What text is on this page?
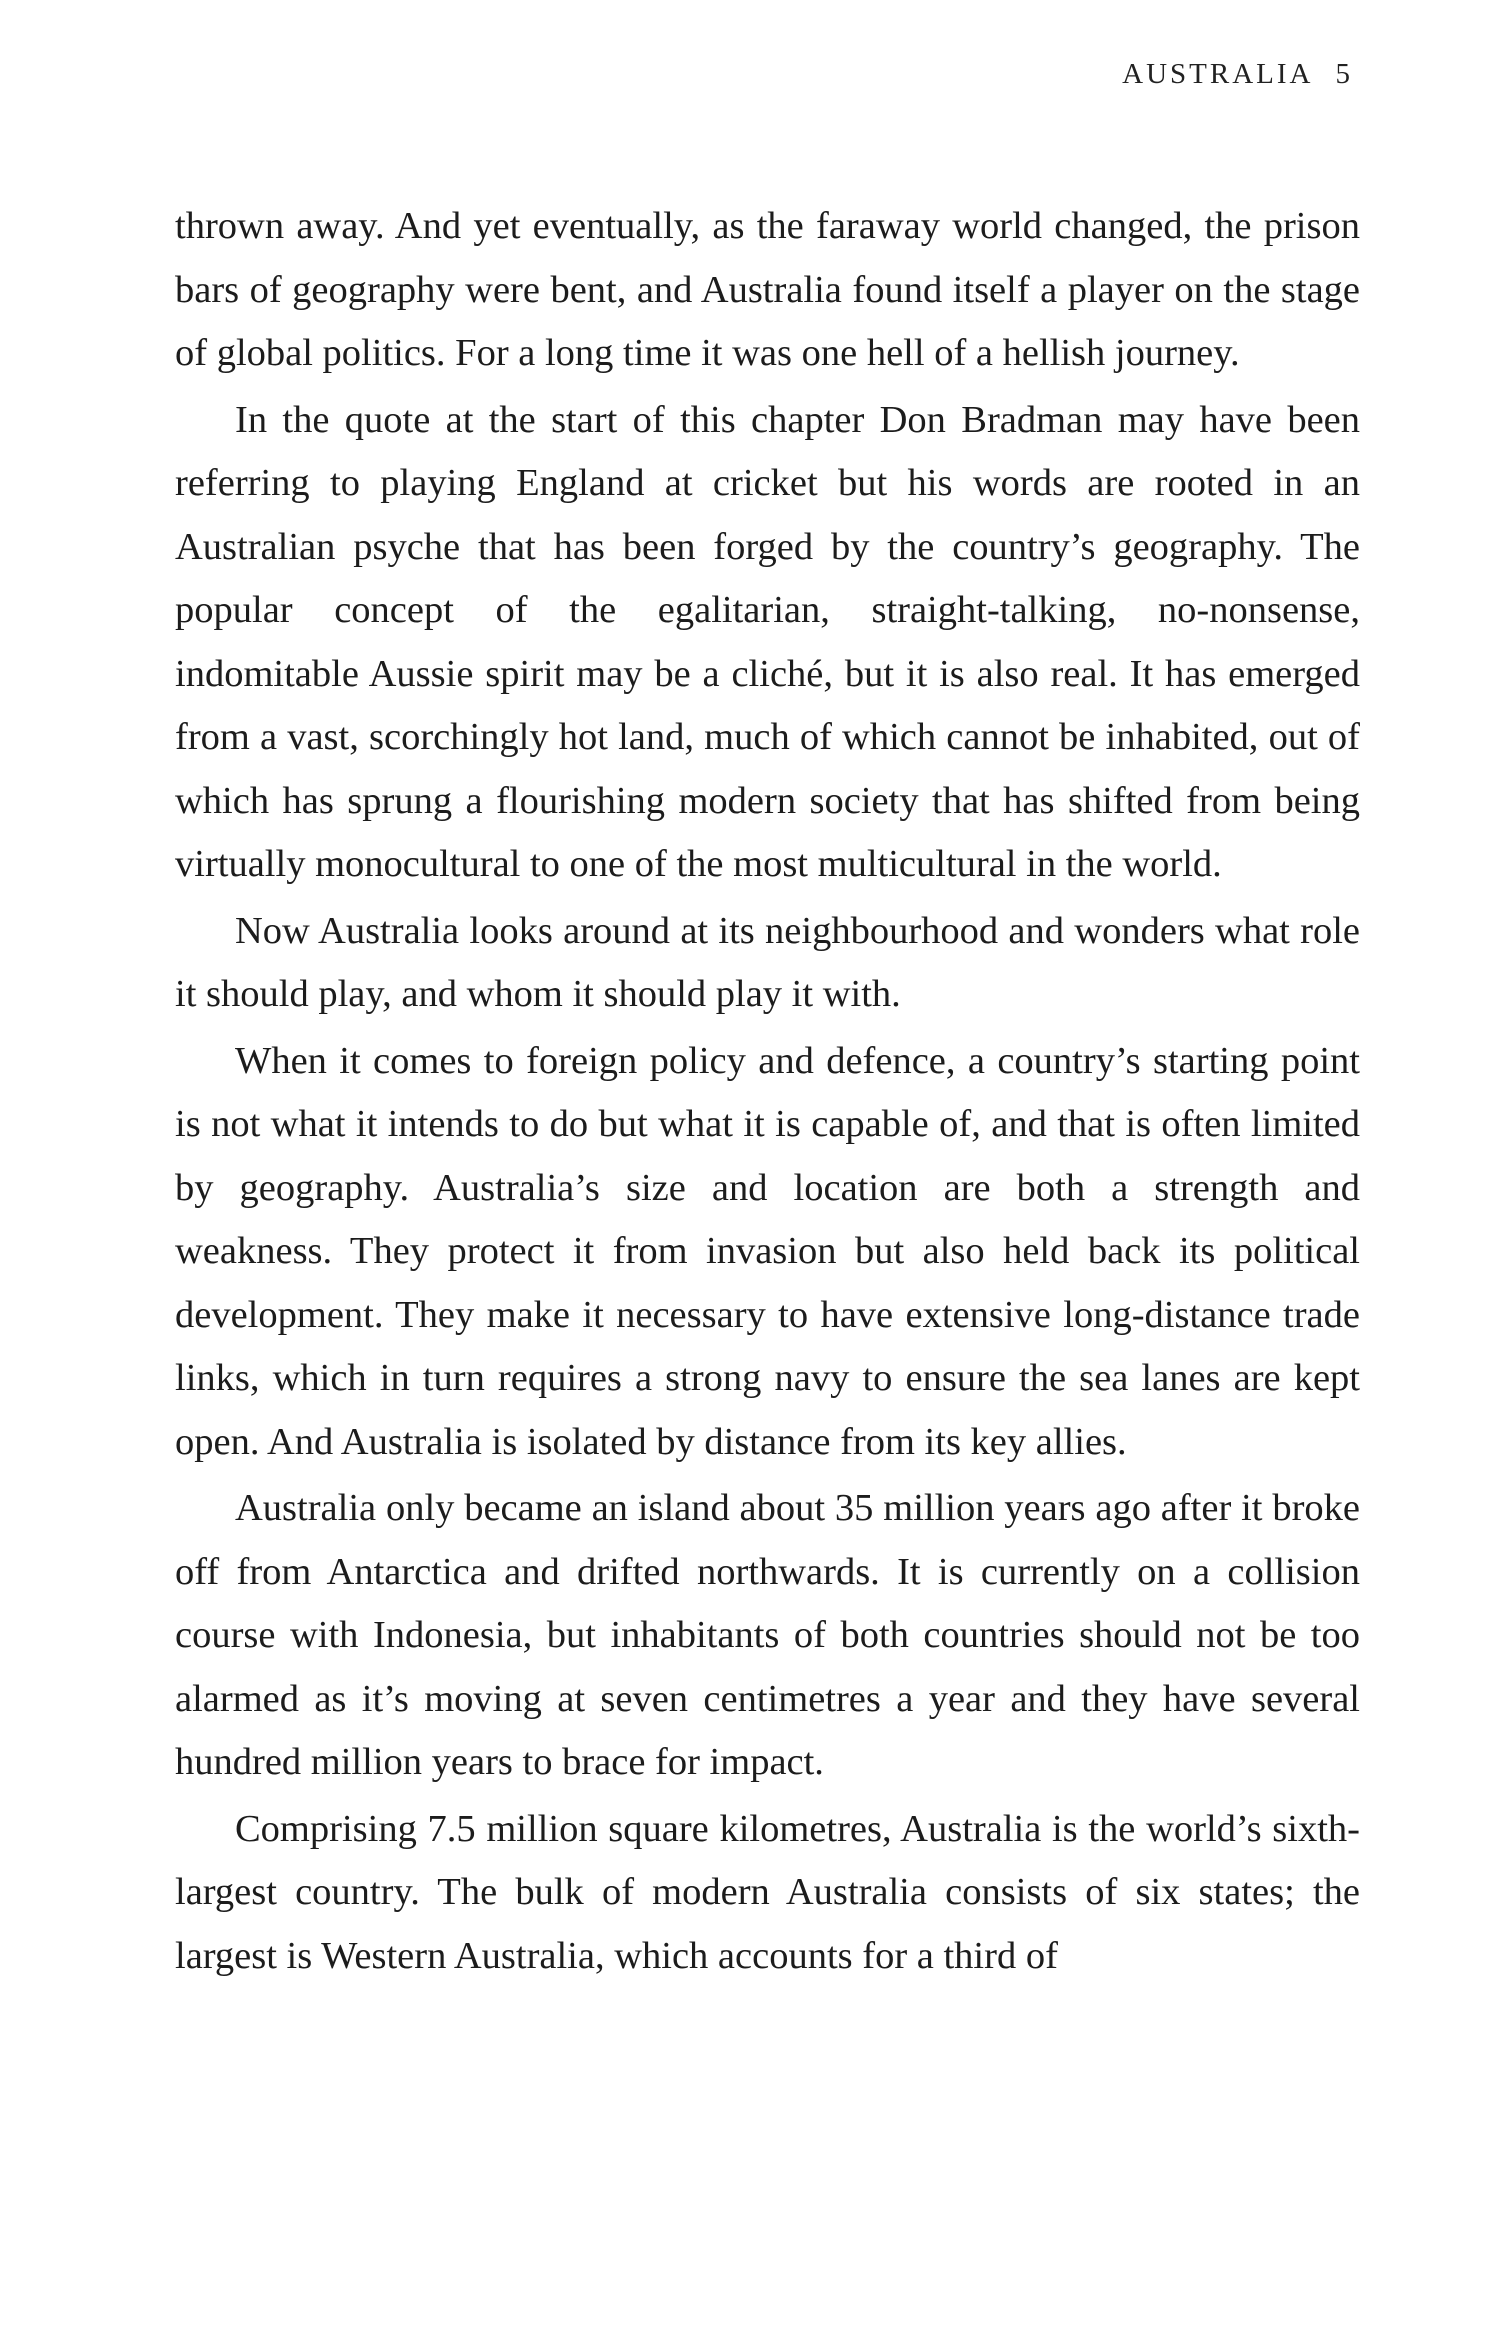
AUSTRALIA 5

thrown away. And yet eventually, as the faraway world changed, the prison bars of geography were bent, and Australia found itself a player on the stage of global politics. For a long time it was one hell of a hellish journey.

In the quote at the start of this chapter Don Bradman may have been referring to playing England at cricket but his words are rooted in an Australian psyche that has been forged by the country’s geography. The popular concept of the egalitarian, straight-talking, no-nonsense, indomitable Aussie spirit may be a cliché, but it is also real. It has emerged from a vast, scorchingly hot land, much of which cannot be inhabited, out of which has sprung a flourishing modern society that has shifted from being virtually monocultural to one of the most multicultural in the world.

Now Australia looks around at its neighbourhood and wonders what role it should play, and whom it should play it with.

When it comes to foreign policy and defence, a country’s starting point is not what it intends to do but what it is capable of, and that is often limited by geography. Australia’s size and location are both a strength and weakness. They protect it from invasion but also held back its political development. They make it necessary to have extensive long-distance trade links, which in turn requires a strong navy to ensure the sea lanes are kept open. And Australia is isolated by distance from its key allies.

Australia only became an island about 35 million years ago after it broke off from Antarctica and drifted northwards. It is currently on a collision course with Indonesia, but inhabitants of both countries should not be too alarmed as it’s moving at seven centimetres a year and they have several hundred million years to brace for impact.

Comprising 7.5 million square kilometres, Australia is the world’s sixth-largest country. The bulk of modern Australia consists of six states; the largest is Western Australia, which accounts for a third of
